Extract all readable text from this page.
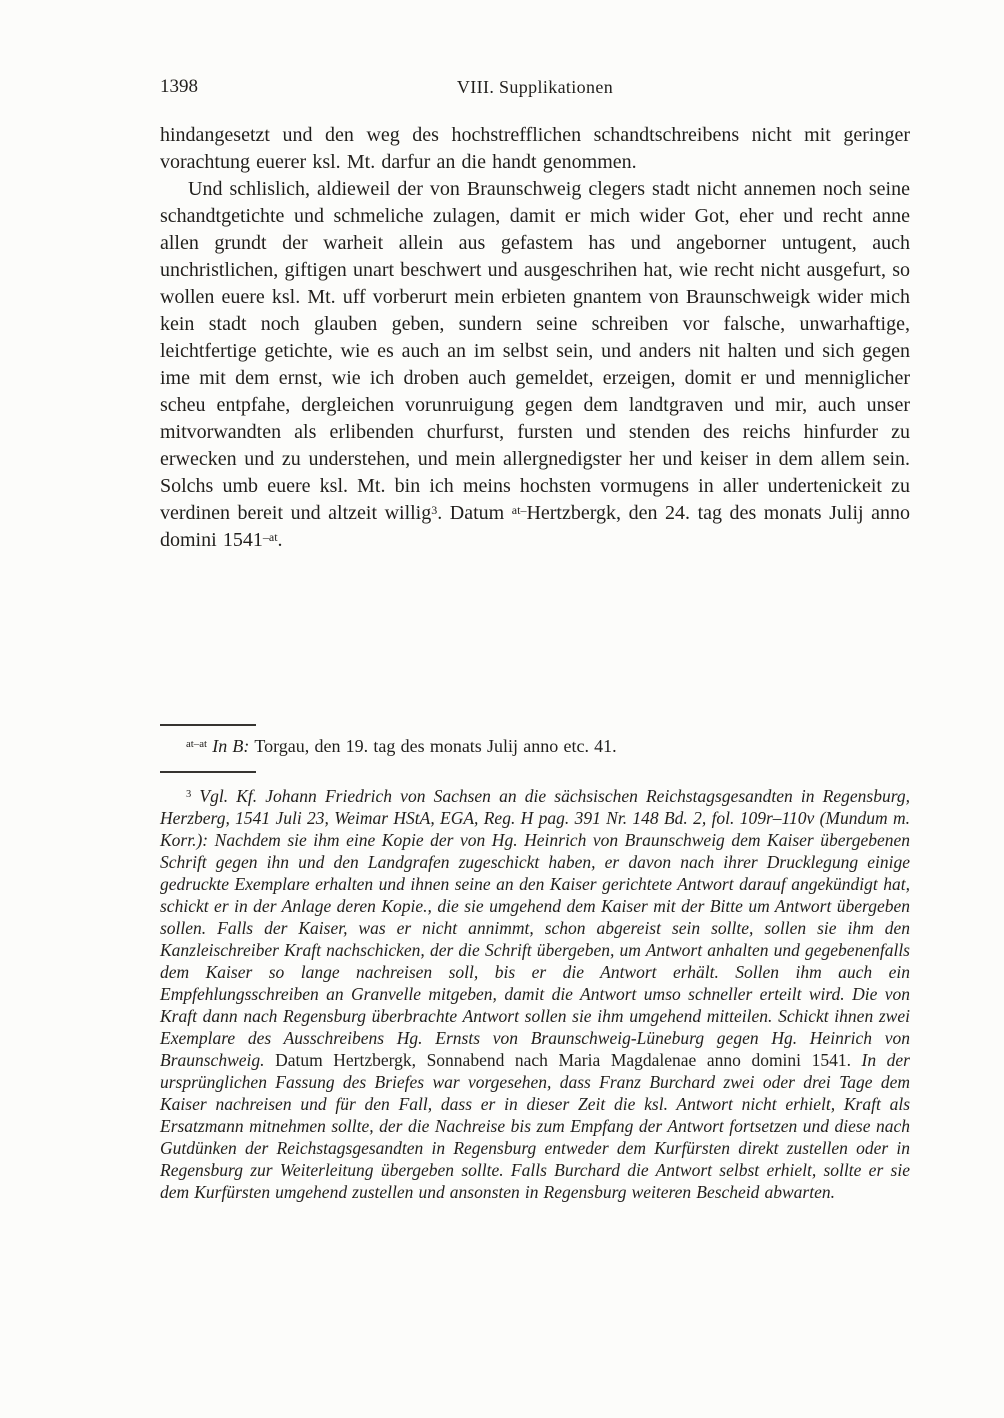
1398	VIII. Supplikationen

hindangesetzt und den weg des hochstrefflichen schandtschreibens nicht mit geringer vorachtung euerer ksl. Mt. darfur an die handt genommen.

Und schlislich, aldieweil der von Braunschweig clegers stadt nicht annemen noch seine schandtgetichte und schmeliche zulagen, damit er mich wider Got, eher und recht anne allen grundt der warheit allein aus gefastem has und angeborner untugent, auch unchristlichen, giftigen unart beschwert und ausgeschrihen hat, wie recht nicht ausgefurt, so wollen euere ksl. Mt. uff vorberurt mein erbieten gnantem von Braunschweigk wider mich kein stadt noch glauben geben, sundern seine schreiben vor falsche, unwarhaftige, leichtfertige getichte, wie es auch an im selbst sein, und anders nit halten und sich gegen ime mit dem ernst, wie ich droben auch gemeldet, erzeigen, domit er und menniglicher scheu entpfahe, dergleichen vorunruigung gegen dem landtgraven und mir, auch unser mitvorwandten als erlibenden churfurst, fursten und stenden des reichs hinfurder zu erwecken und zu understehen, und mein allergnedigster her und keiser in dem allem sein. Solchs umb euere ksl. Mt. bin ich meins hochsten vormugens in aller undertenickeit zu verdinen bereit und altzeit willig$^3$. Datum $^{at-}$Hertzbergk, den 24. tag des monats Julij anno domini $1541^{-at}$.

$^{at-at}$ In B: Torgau, den 19. tag des monats Julij anno etc. 41.

$^3$ Vgl. Kf. Johann Friedrich von Sachsen an die sächsischen Reichstagsgesandten in Regensburg, Herzberg, 1541 Juli 23, Weimar HStA, EGA, Reg. H pag. 391 Nr. 148 Bd. 2, fol. 109r–110v (Mundum m. Korr.): Nachdem sie ihm eine Kopie der von Hg. Heinrich von Braunschweig dem Kaiser übergebenen Schrift gegen ihn und den Landgrafen zugeschickt haben, er davon nach ihrer Drucklegung einige gedruckte Exemplare erhalten und ihnen seine an den Kaiser gerichtete Antwort darauf angekündigt hat, schickt er in der Anlage deren Kopie., die sie umgehend dem Kaiser mit der Bitte um Antwort übergeben sollen. Falls der Kaiser, was er nicht annimmt, schon abgereist sein sollte, sollen sie ihm den Kanzleischreiber Kraft nachschicken, der die Schrift übergeben, um Antwort anhalten und gegebenenfalls dem Kaiser so lange nachreisen soll, bis er die Antwort erhält. Sollen ihm auch ein Empfehlungsschreiben an Granvelle mitgeben, damit die Antwort umso schneller erteilt wird. Die von Kraft dann nach Regensburg überbrachte Antwort sollen sie ihm umgehend mitteilen. Schickt ihnen zwei Exemplare des Ausschreibens Hg. Ernsts von Braunschweig-Lüneburg gegen Hg. Heinrich von Braunschweig. Datum Hertzbergk, Sonnabend nach Maria Magdalenae anno domini 1541. In der ursprünglichen Fassung des Briefes war vorgesehen, dass Franz Burchard zwei oder drei Tage dem Kaiser nachreisen und für den Fall, dass er in dieser Zeit die ksl. Antwort nicht erhielt, Kraft als Ersatzmann mitnehmen sollte, der die Nachreise bis zum Empfang der Antwort fortsetzen und diese nach Gutdünken der Reichstagsgesandten in Regensburg entweder dem Kurfürsten direkt zustellen oder in Regensburg zur Weiterleitung übergeben sollte. Falls Burchard die Antwort selbst erhielt, sollte er sie dem Kurfürsten umgehend zustellen und ansonsten in Regensburg weiteren Bescheid abwarten.
